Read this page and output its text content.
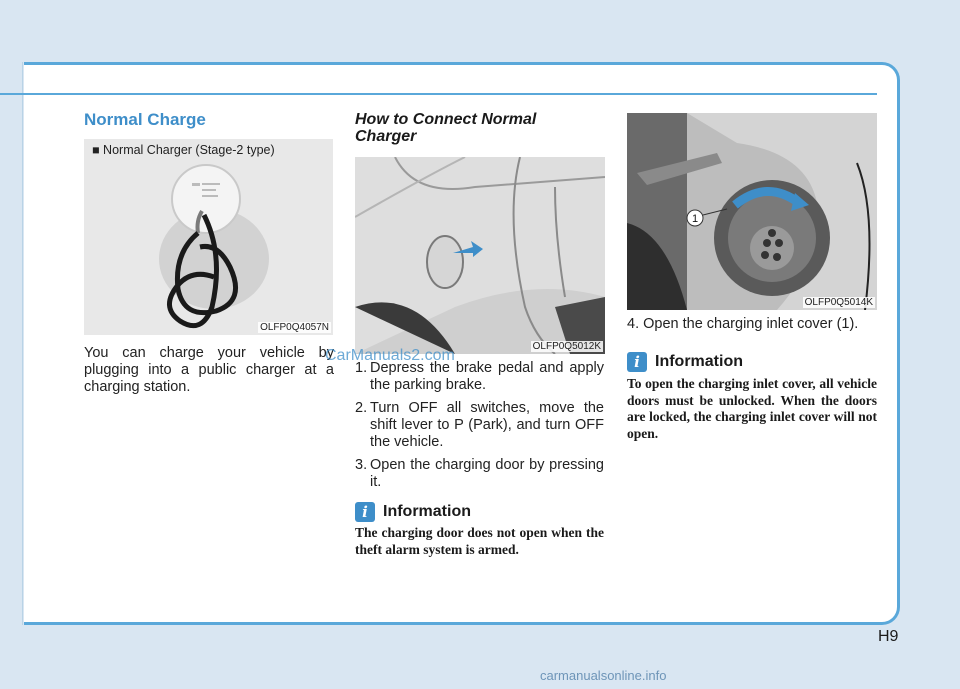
Normal Charge
■ Normal Charger (Stage-2 type)
OLFP0Q4057N
You can charge your vehicle by plugging into a public charger at a charging station.
How to Connect Normal Charger
OLFP0Q5012K
1. Depress the brake pedal and apply the parking brake.
2. Turn OFF all switches, move the shift lever to P (Park), and turn OFF the vehicle.
3. Open the charging door by pressing it.
i Information
The charging door does not open when the theft alarm system is armed.
1
OLFP0Q5014K
4. Open the charging inlet cover (1).
i Information
To open the charging inlet cover, all vehicle doors must be unlocked. When the doors are locked, the charging inlet cover will not open.
CarManuals2.com
H9
carmanualsonline.info
